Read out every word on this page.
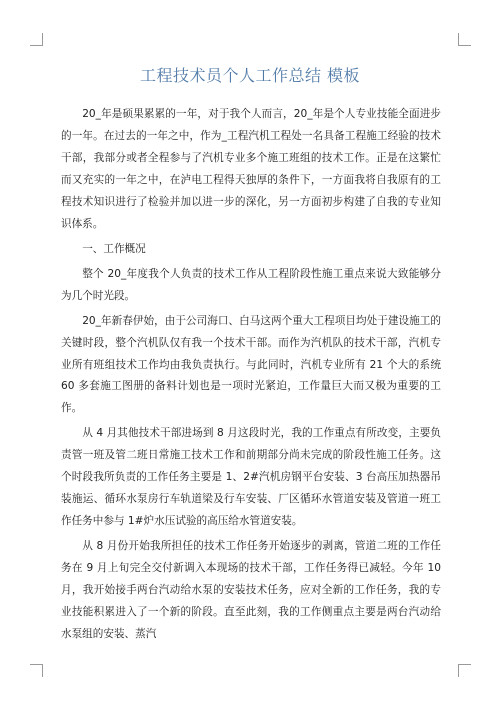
工程技术员个人工作总结 模板

20_年是硕果累累的一年，对于我个人而言，20_年是个人专业技能全面进步的一年。在过去的一年之中，作为_工程汽机工程处一名具备工程施工经验的技术干部，我部分或者全程参与了汽机专业多个施工班组的技术工作。正是在这繁忙而又充实的一年之中，在泸电工程得天独厚的条件下，一方面我将自我原有的工程技术知识进行了检验并加以进一步的深化，另一方面初步构建了自我的专业知识体系。

一、工作概况

整个 20_年度我个人负责的技术工作从工程阶段性施工重点来说大致能够分为几个时光段。

20_年新春伊始，由于公司海口、白马这两个重大工程项目均处于建设施工的关键时段，整个汽机队仅有我一个技术干部。而作为汽机队的技术干部，汽机专业所有班组技术工作均由我负责执行。与此同时，汽机专业所有 21 个大的系统 60 多套施工图册的备料计划也是一项时光紧迫，工作量巨大而又极为重要的工作。

从 4 月其他技术干部进场到 8 月这段时光，我的工作重点有所改变，主要负责管一班及管二班日常施工技术工作和前期部分尚未完成的阶段性施工任务。这个时段我所负责的工作任务主要是 1、2#汽机房钢平台安装、3 台高压加热器吊装施运、循环水泵房行车轨道梁及行车安装、厂区循环水管道安装及管道一班工作任务中参与 1#炉水压试验的高压给水管道安装。

从 8 月份开始我所担任的技术工作任务开始逐步的剥离，管道二班的工作任务在 9 月上旬完全交付新调入本现场的技术干部，工作任务得已减轻。今年 10 月，我开始接手两台汽动给水泵的安装技术任务，应对全新的工作任务，我的专业技能积累进入了一个新的阶段。直至此刻，我的工作侧重点主要是两台汽动给水泵组的安装、蒸汽
